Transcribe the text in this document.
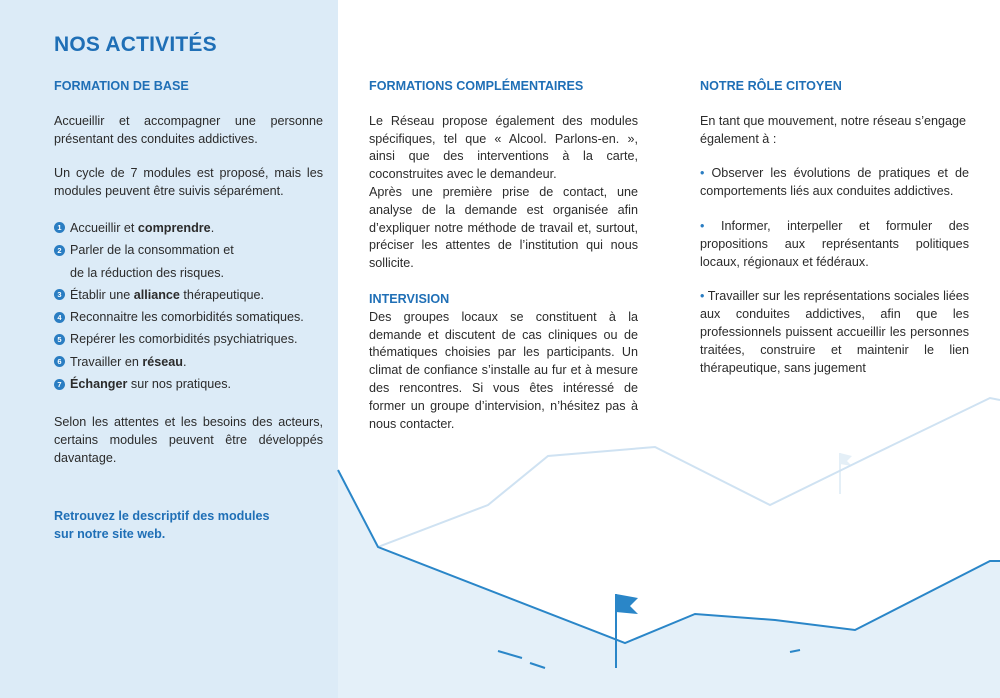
NOS ACTIVITÉS
FORMATION DE BASE

Accueillir et accompagner une personne présentant des conduites addictives.

Un cycle de 7 modules est proposé, mais les modules peuvent être suivis séparément.

1 Accueillir et comprendre.
2 Parler de la consommation et
de la réduction des risques.
3 Établir une alliance thérapeutique.
4 Reconnaitre les comorbidités somatiques.
5 Repérer les comorbidités psychiatriques.
6 Travailler en réseau.
7 Échanger sur nos pratiques.

Selon les attentes et les besoins des acteurs, certains modules peuvent être développés davantage.

Retrouvez le descriptif des modules
sur notre site web.

FORMATIONS COMPLÉMENTAIRES

Le Réseau propose également des modules spécifiques, tel que « Alcool. Parlons-en. », ainsi que des interventions à la carte, coconstruites avec le demandeur.

Après une première prise de contact, une analyse de la demande est organisée afin d’expliquer notre méthode de travail et, surtout, préciser les attentes de l’institution qui nous sollicite.

INTERVISION

Des groupes locaux se constituent à la demande et discutent de cas cliniques ou de thématiques choisies par les participants. Un climat de confiance s’installe au fur et à mesure des rencontres. Si vous êtes intéressé de former un groupe d’intervision, n’hésitez pas à nous contacter.

NOTRE RÔLE CITOYEN

En tant que mouvement, notre réseau s’engage également à :

• Observer les évolutions de pratiques et de comportements liés aux conduites addictives.

• Informer, interpeller et formuler des propositions aux représentants politiques locaux, régionaux et fédéraux.

• Travailler sur les représentations sociales liées aux conduites addictives, afin que les professionnels puissent accueillir les personnes traitées, construire et maintenir le lien thérapeutique, sans jugement
